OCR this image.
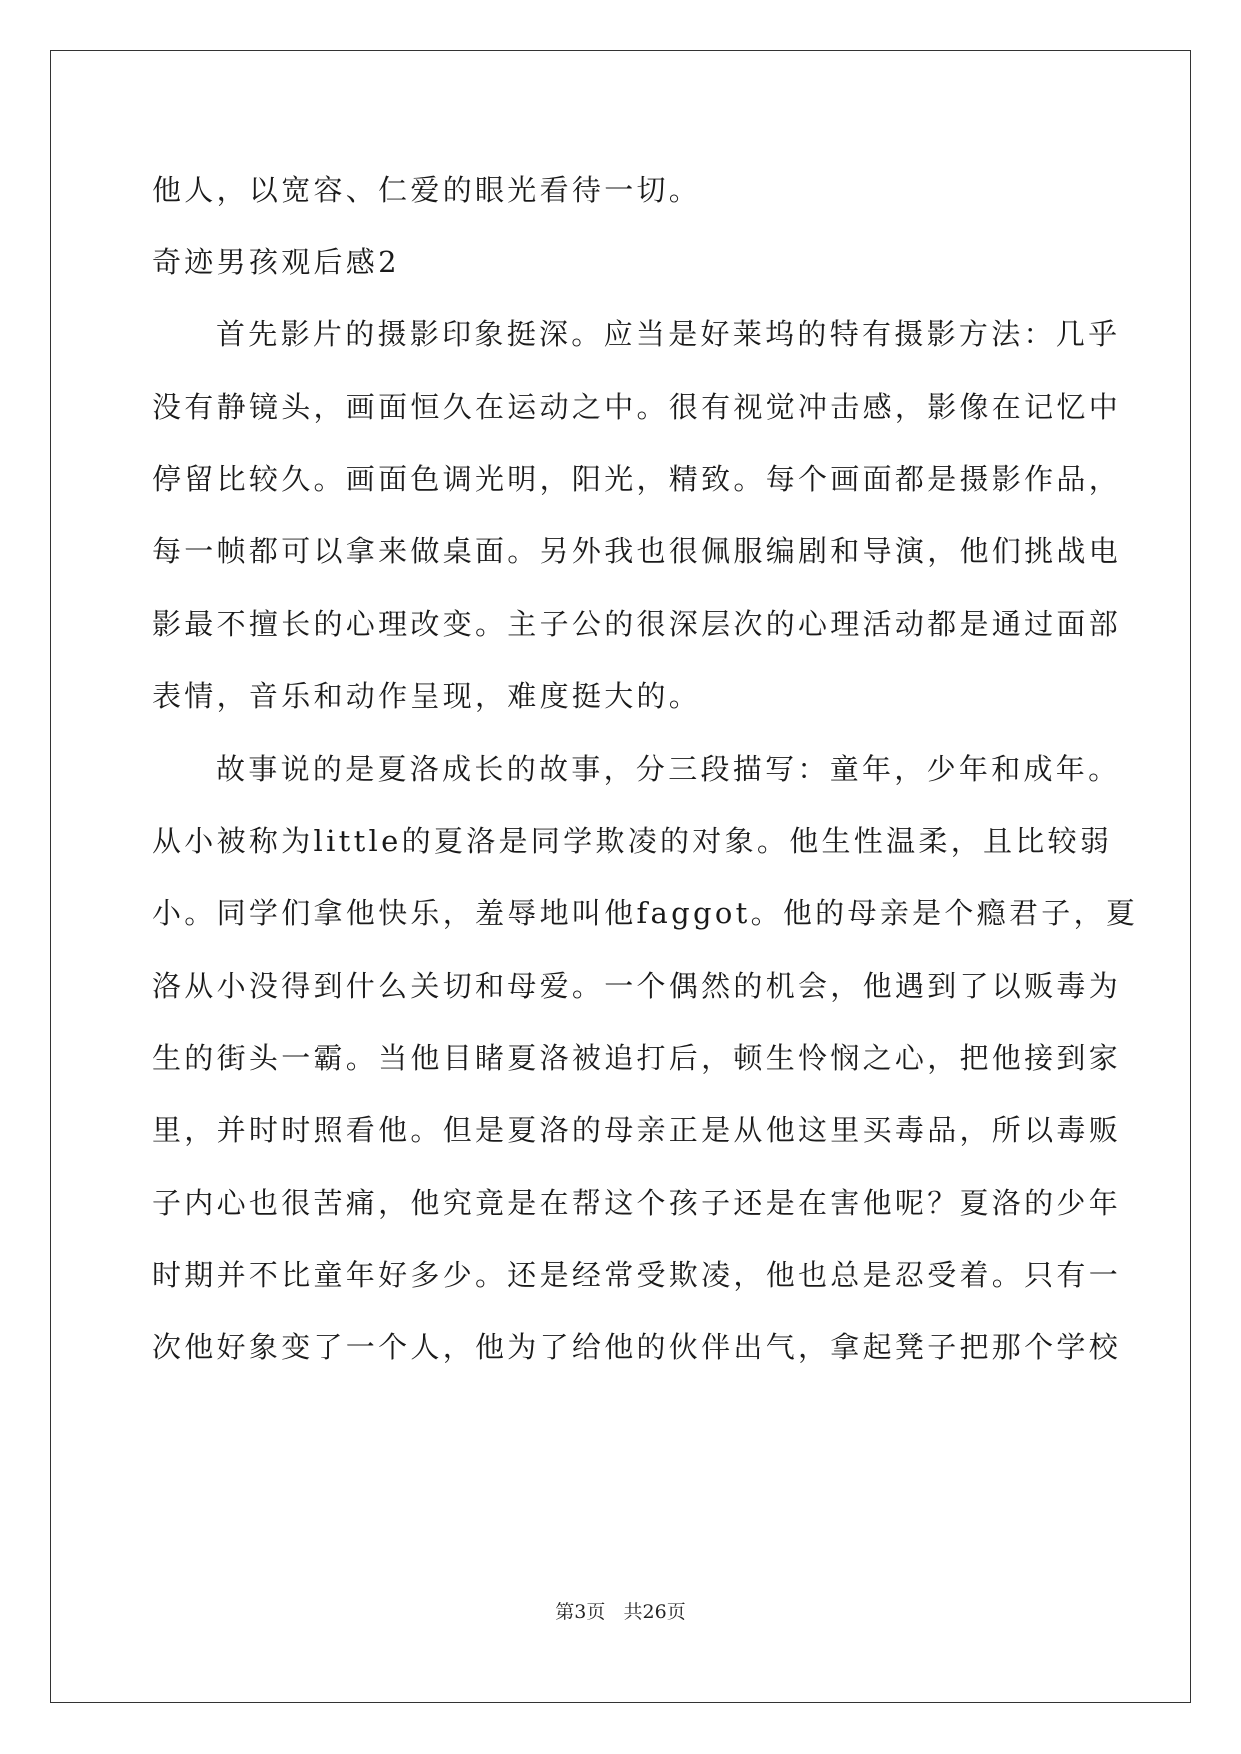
他人，以宽容、仁爱的眼光看待一切。
奇迹男孩观后感2
首先影片的摄影印象挺深。应当是好莱坞的特有摄影方法：几乎
没有静镜头，画面恒久在运动之中。很有视觉冲击感，影像在记忆中
停留比较久。画面色调光明，阳光，精致。每个画面都是摄影作品，
每一帧都可以拿来做桌面。另外我也很佩服编剧和导演，他们挑战电
影最不擅长的心理改变。主子公的很深层次的心理活动都是通过面部
表情，音乐和动作呈现，难度挺大的。
故事说的是夏洛成长的故事，分三段描写：童年，少年和成年。
从小被称为little的夏洛是同学欺凌的对象。他生性温柔，且比较弱
小。同学们拿他快乐，羞辱地叫他faggot。他的母亲是个瘾君子，夏
洛从小没得到什么关切和母爱。一个偶然的机会，他遇到了以贩毒为
生的街头一霸。当他目睹夏洛被追打后，顿生怜悯之心，把他接到家
里，并时时照看他。但是夏洛的母亲正是从他这里买毒品，所以毒贩
子内心也很苦痛，他究竟是在帮这个孩子还是在害他呢？夏洛的少年
时期并不比童年好多少。还是经常受欺凌，他也总是忍受着。只有一
次他好象变了一个人，他为了给他的伙伴出气，拿起凳子把那个学校
第3页 共26页
